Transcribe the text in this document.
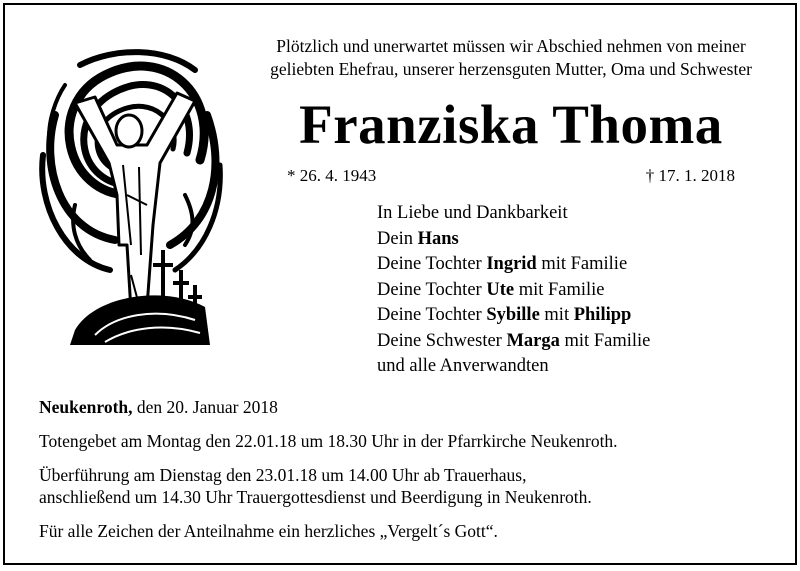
Plötzlich und unerwartet müssen wir Abschied nehmen von meiner
geliebten Ehefrau, unserer herzensguten Mutter, Oma und Schwester
Franziska Thoma
* 26. 4. 1943	† 17. 1. 2018
In Liebe und Dankbarkeit
Dein Hans
Deine Tochter Ingrid mit Familie
Deine Tochter Ute mit Familie
Deine Tochter Sybille mit Philipp
Deine Schwester Marga mit Familie
und alle Anverwandten

Neukenroth, den 20. Januar 2018

Totengebet am Montag den 22.01.18 um 18.30 Uhr in der Pfarrkirche Neukenroth.

Überführung am Dienstag den 23.01.18 um 14.00 Uhr ab Trauerhaus,

anschließend um 14.30 Uhr Trauergottesdienst und Beerdigung in Neukenroth.

Für alle Zeichen der Anteilnahme ein herzliches „Vergelt´s Gott“.
